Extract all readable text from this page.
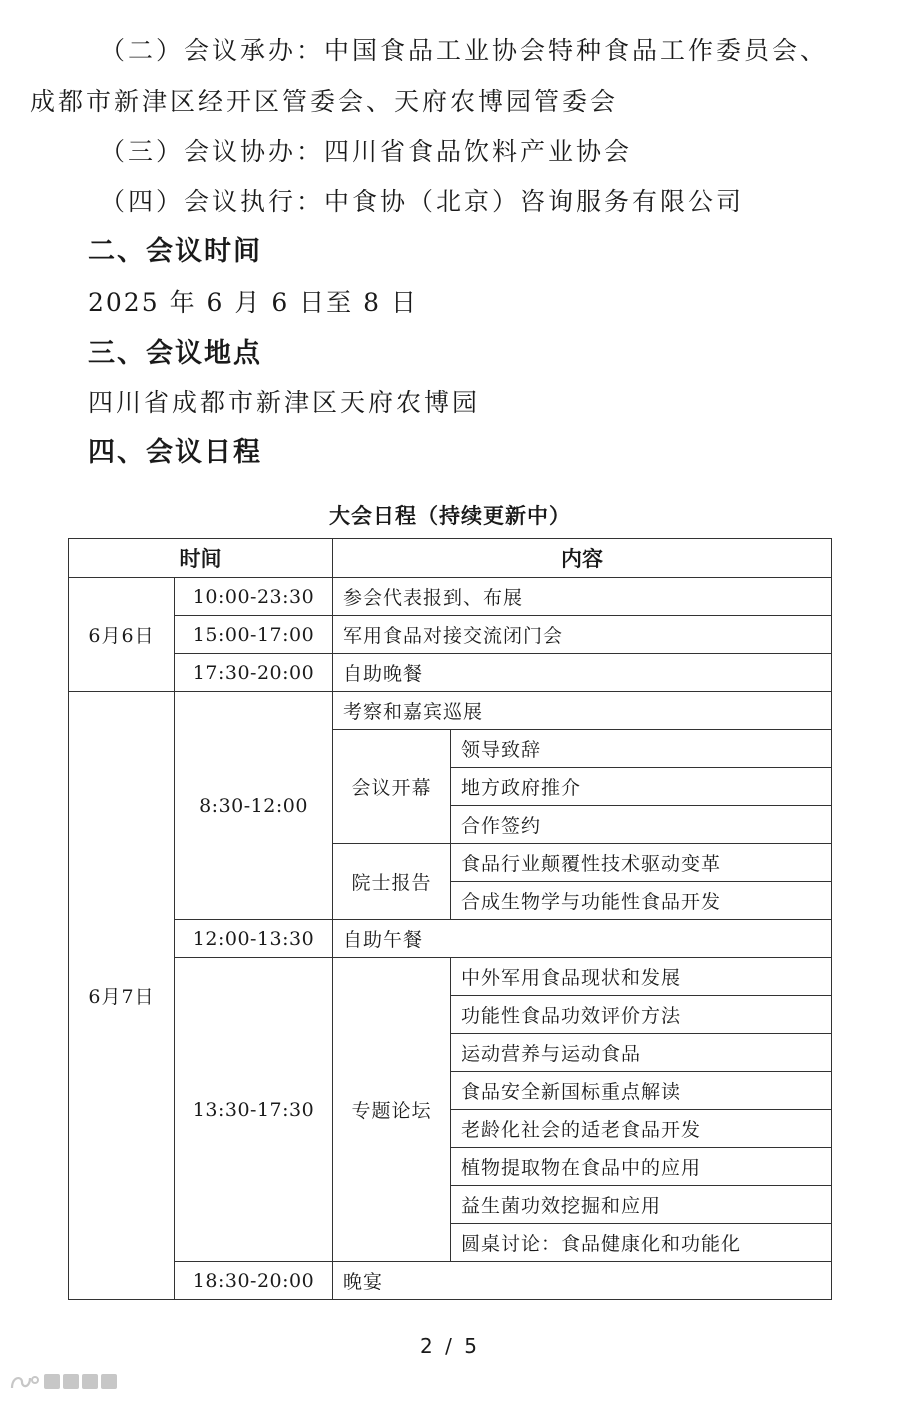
（二）会议承办：中国食品工业协会特种食品工作委员会、
成都市新津区经开区管委会、天府农博园管委会
（三）会议协办：四川省食品饮料产业协会
（四）会议执行：中食协（北京）咨询服务有限公司
二、会议时间
2025 年 6 月 6 日至 8 日
三、会议地点
四川省成都市新津区天府农博园
四、会议日程
大会日程（持续更新中）
时间		内容	
6月6日	10:00-23:30	参会代表报到、布展	
	15:00-17:00	军用食品对接交流闭门会	
	17:30-20:00	自助晚餐	
6月7日	8:30-12:00	考察和嘉宾巡展	
		会议开幕	领导致辞
			地方政府推介
			合作签约
		院士报告	食品行业颠覆性技术驱动变革
			合成生物学与功能性食品开发
	12:00-13:30	自助午餐	
	13:30-17:30	专题论坛	中外军用食品现状和发展
			功能性食品功效评价方法
			运动营养与运动食品
			食品安全新国标重点解读
			老龄化社会的适老食品开发
			植物提取物在食品中的应用
			益生菌功效挖掘和应用
			圆桌讨论：食品健康化和功能化
	18:30-20:00	晚宴	
2 / 5
